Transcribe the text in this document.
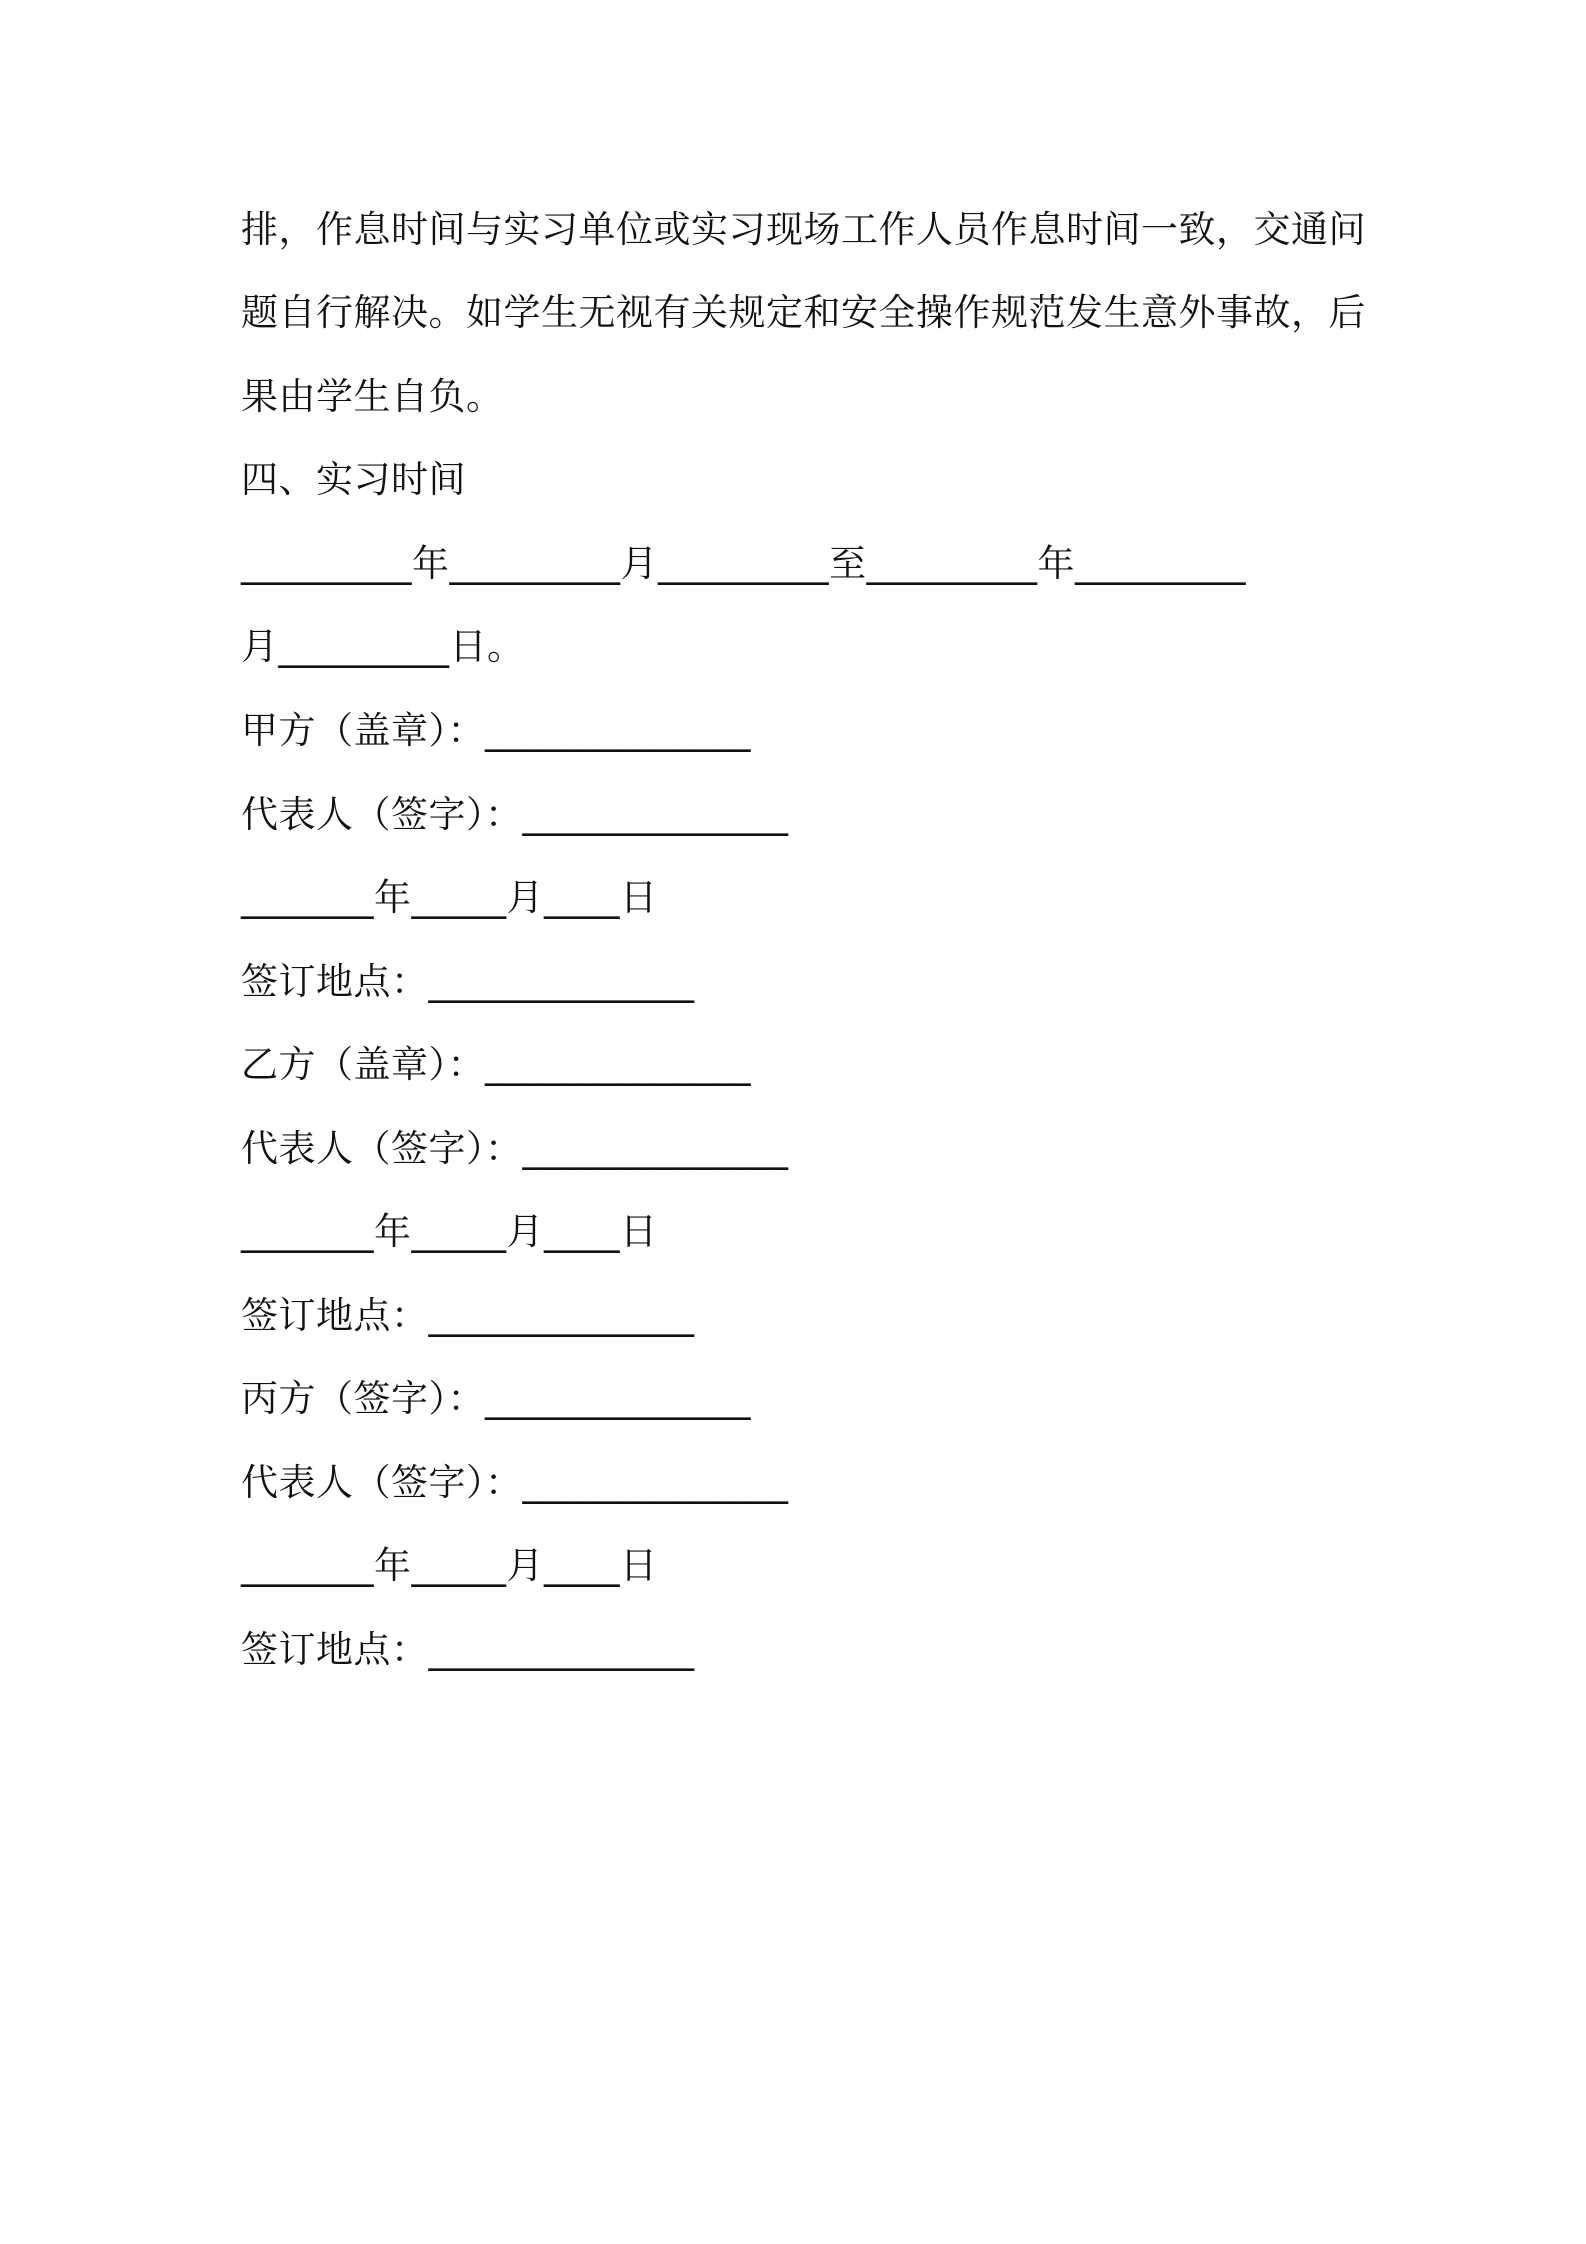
排，作息时间与实习单位或实习现场工作人员作息时间一致，交通问
题自行解决。如学生无视有关规定和安全操作规范发生意外事故，后
果由学生自负。
四、实习时间
_________年_________月_________至_________年_________
月_________日。
甲方（盖章）：______________
代表人（签字）：______________
_______年_____月____日
签订地点：______________
乙方（盖章）：______________
代表人（签字）：______________
_______年_____月____日
签订地点：______________
丙方（签字）：______________
代表人（签字）：______________
_______年_____月____日
签订地点：______________
